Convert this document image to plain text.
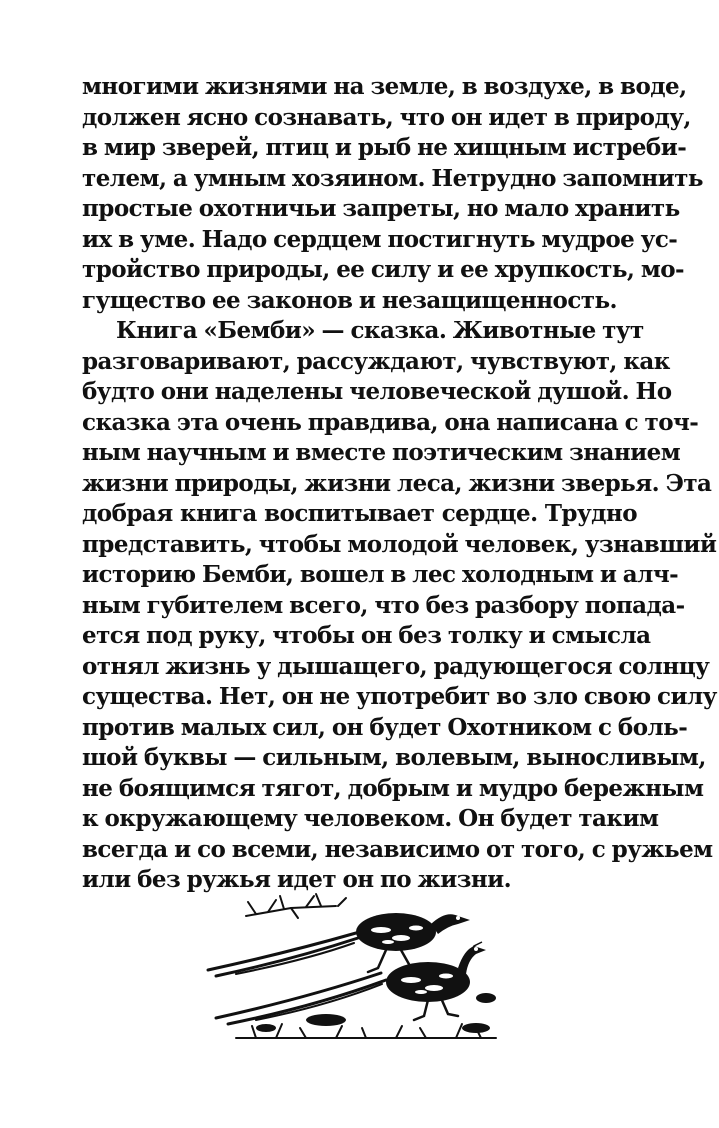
многими жизнями на земле, в воздухе, в воде,
должен ясно сознавать, что он идет в природу,
в мир зверей, птиц и рыб не хищным истреби-
телем, а умным хозяином. Нетрудно запомнить
простые охотничьи запреты, но мало хранить
их в уме. Надо сердцем постигнуть мудрое ус-
тройство природы, ее силу и ее хрупкость, мо-
гущество ее законов и незащищенность.
Книга «Бемби» — сказка. Животные тут
разговаривают, рассуждают, чувствуют, как
будто они наделены человеческой душой. Но
сказка эта очень правдива, она написана с точ-
ным научным и вместе поэтическим знанием
жизни природы, жизни леса, жизни зверья. Эта
добрая книга воспитывает сердце. Трудно
представить, чтобы молодой человек, узнавший
историю Бемби, вошел в лес холодным и алч-
ным губителем всего, что без разбору попада-
ется под руку, чтобы он без толку и смысла
отнял жизнь у дышащего, радующегося солнцу
существа. Нет, он не употребит во зло свою силу
против малых сил, он будет Охотником с боль-
шой буквы — сильным, волевым, выносливым,
не боящимся тягот, добрым и мудро бережным
к окружающему человеком. Он будет таким
всегда и со всеми, независимо от того, с ружьем
или без ружья идет он по жизни.
